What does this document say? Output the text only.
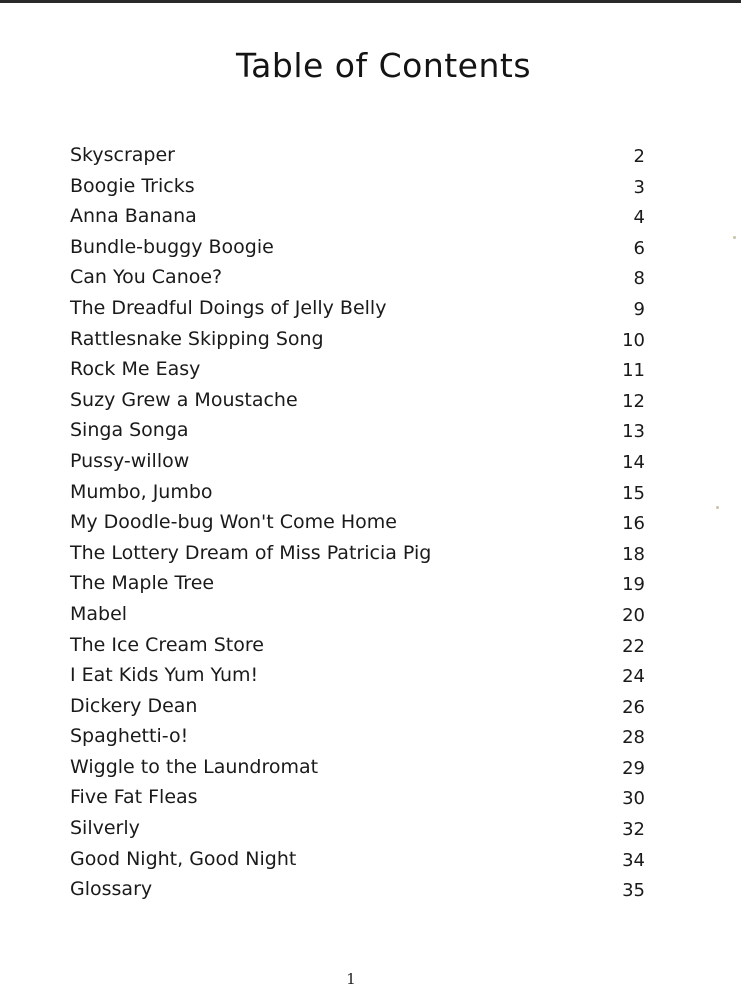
Table of Contents
Skyscraper	2
Boogie Tricks	3
Anna Banana	4
Bundle-buggy Boogie	6
Can You Canoe?	8
The Dreadful Doings of Jelly Belly	9
Rattlesnake Skipping Song	10
Rock Me Easy	11
Suzy Grew a Moustache	12
Singa Songa	13
Pussy-willow	14
Mumbo, Jumbo	15
My Doodle-bug Won't Come Home	16
The Lottery Dream of Miss Patricia Pig	18
The Maple Tree	19
Mabel	20
The Ice Cream Store	22
I Eat Kids Yum Yum!	24
Dickery Dean	26
Spaghetti-o!	28
Wiggle to the Laundromat	29
Five Fat Fleas	30
Silverly	32
Good Night, Good Night	34
Glossary	35
1
